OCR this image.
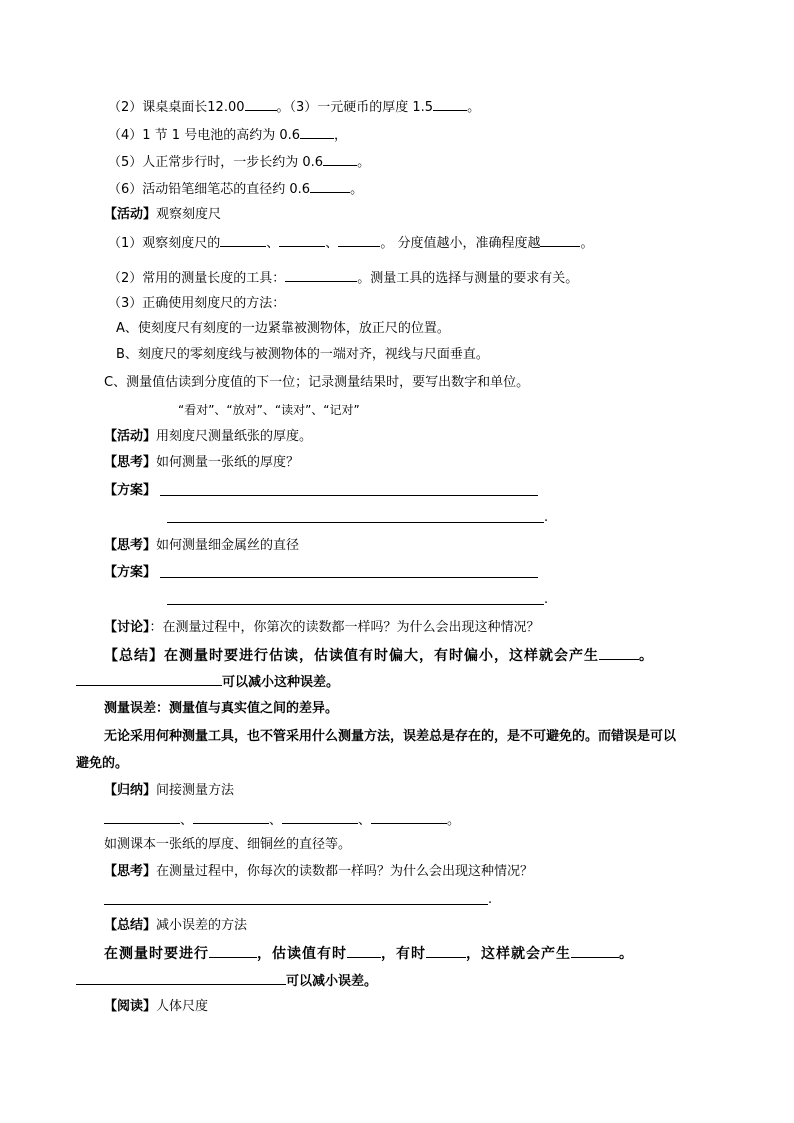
（2）课桌桌面长12.00 。（3）一元硬币的厚度 1.5	。
（4）1 节 1 号电池的高约为 0.6	，
（5）人正常步行时，一步长约为 0.6	。
（6）活动铅笔细笔芯的直径约 0.6	。
【活动】观察刻度尺
（1）观察刻度尺的	、	、	。 分度值越小，准确程度越	。
（2）常用的测量长度的工具：	。测量工具的选择与测量的要求有关。
（3）正确使用刻度尺的方法：
A、使刻度尺有刻度的一边紧靠被测物体，放正尺的位置。
B、刻度尺的零刻度线与被测物体的一端对齐，视线与尺面垂直。
C、测量值估读到分度值的下一位；记录测量结果时，要写出数字和单位。
“看对”、“放对”、“读对”、“记对”
【活动】用刻度尺测量纸张的厚度。
【思考】如何测量一张纸的厚度？
【方案】
.
【思考】如何测量细金属丝的直径
【方案】
.
【讨论】：在测量过程中，你第次的读数都一样吗？为什么会出现这种情况？
【总结】在测量时要进行估读，估读值有时偏大，有时偏小，这样就会产生	。
可以减小这种误差。
测量误差：测量值与真实值之间的差异。
无论采用何种测量工具，也不管采用什么测量方法，误差总是存在的，是不可避免的。而错误是可以
避免的。
【归纳】间接测量方法
、	、	、	。
如测课本一张纸的厚度、细铜丝的直径等。
【思考】在测量过程中，你每次的读数都一样吗？为什么会出现这种情况？
.
【总结】减小误差的方法
在测量时要进行	，估读值有时 ，有时	，这样就会产生	。
可以减小误差。
【阅读】人体尺度
